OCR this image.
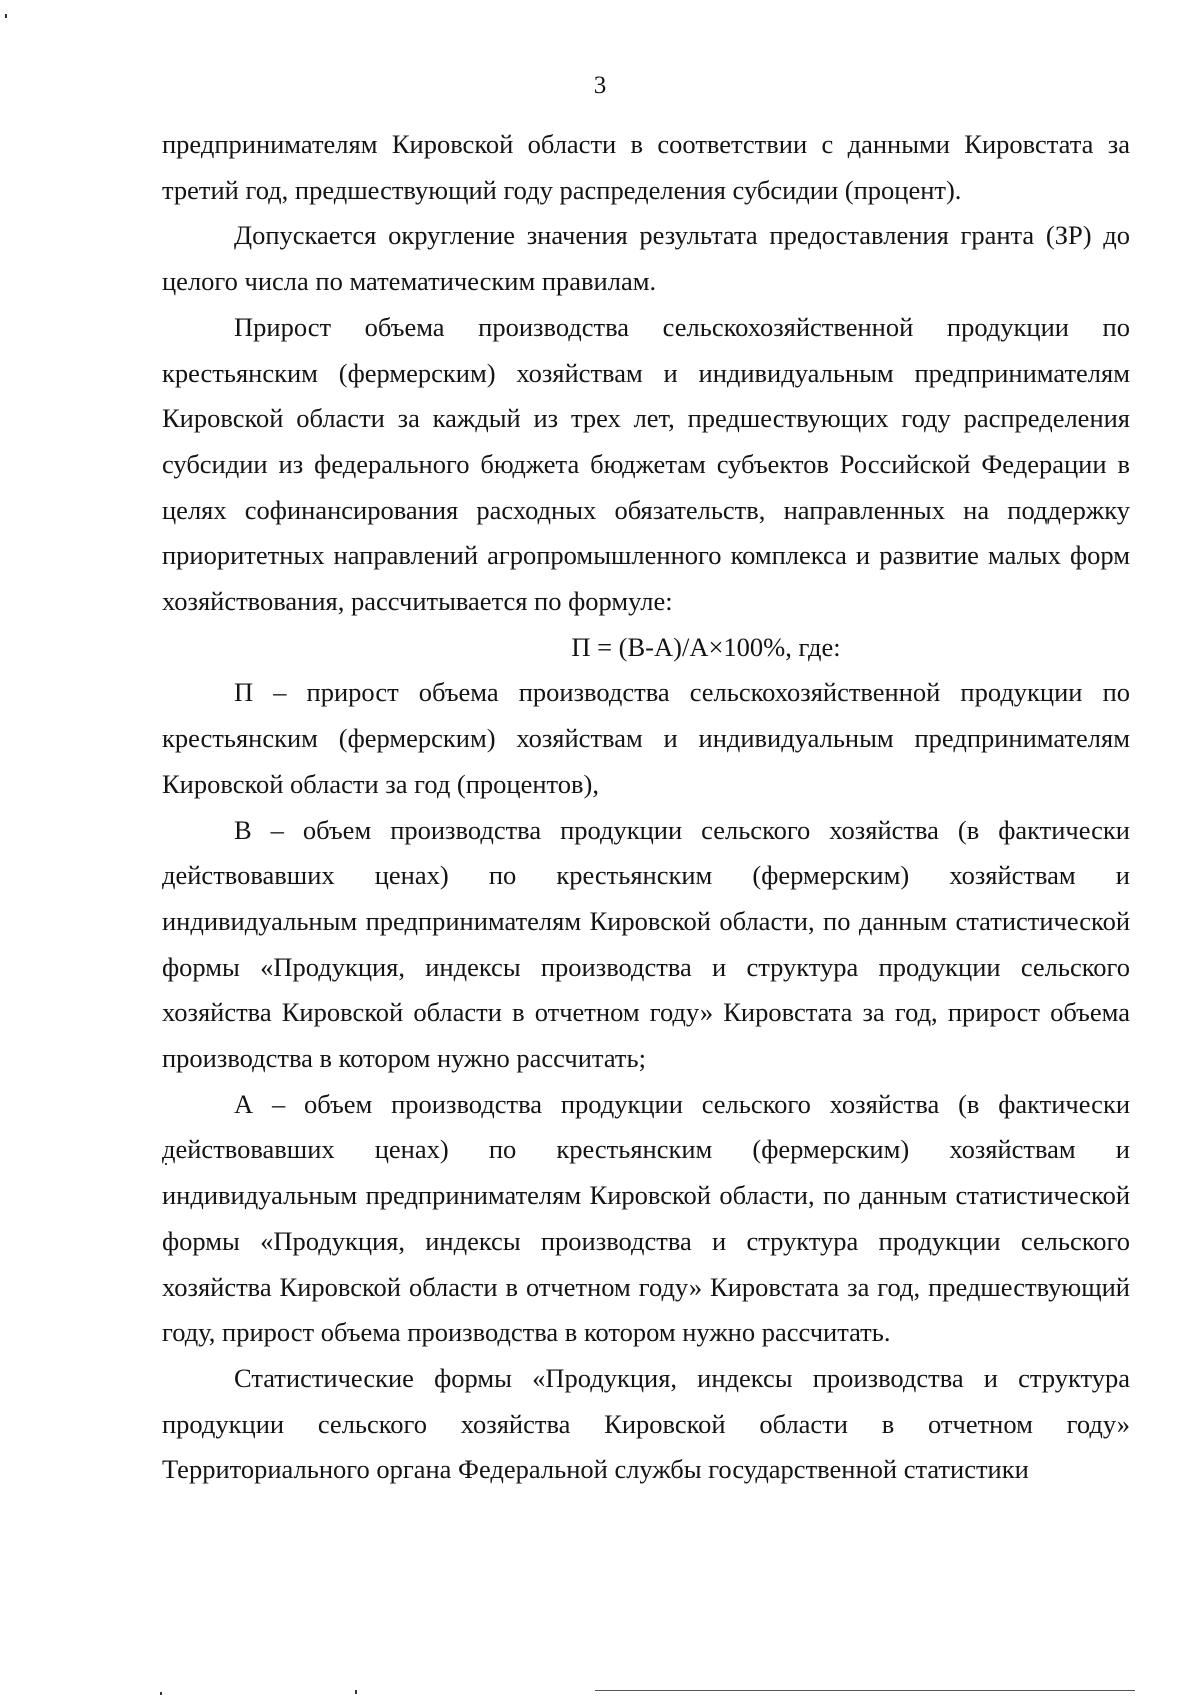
3

предпринимателям Кировской области в соответствии с данными Кировстата за третий год, предшествующий году распределения субсидии (процент).

Допускается округление значения результата предоставления гранта (ЗР) до целого числа по математическим правилам.

Прирост объема производства сельскохозяйственной продукции по крестьянским (фермерским) хозяйствам и индивидуальным предпринимателям Кировской области за каждый из трех лет, предшествующих году распределения субсидии из федерального бюджета бюджетам субъектов Российской Федерации в целях софинансирования расходных обязательств, направленных на поддержку приоритетных направлений агропромышленного комплекса и развитие малых форм хозяйствования, рассчитывается по формуле:

П = (В-А)/А×100%, где:

П – прирост объема производства сельскохозяйственной продукции по крестьянским (фермерским) хозяйствам и индивидуальным предпринимателям Кировской области за год (процентов),

В – объем производства продукции сельского хозяйства (в фактически действовавших ценах) по крестьянским (фермерским) хозяйствам и индивидуальным предпринимателям Кировской области, по данным статистической формы «Продукция, индексы производства и структура продукции сельского хозяйства Кировской области в отчетном году» Кировстата за год, прирост объема производства в котором нужно рассчитать;

А – объем производства продукции сельского хозяйства (в фактически действовавших ценах) по крестьянским (фермерским) хозяйствам и индивидуальным предпринимателям Кировской области, по данным статистической формы «Продукция, индексы производства и структура продукции сельского хозяйства Кировской области в отчетном году» Кировстата за год, предшествующий году, прирост объема производства в котором нужно рассчитать.

Статистические формы «Продукция, индексы производства и структура продукции сельского хозяйства Кировской области в отчетном году» Территориального органа Федеральной службы государственной статистики
